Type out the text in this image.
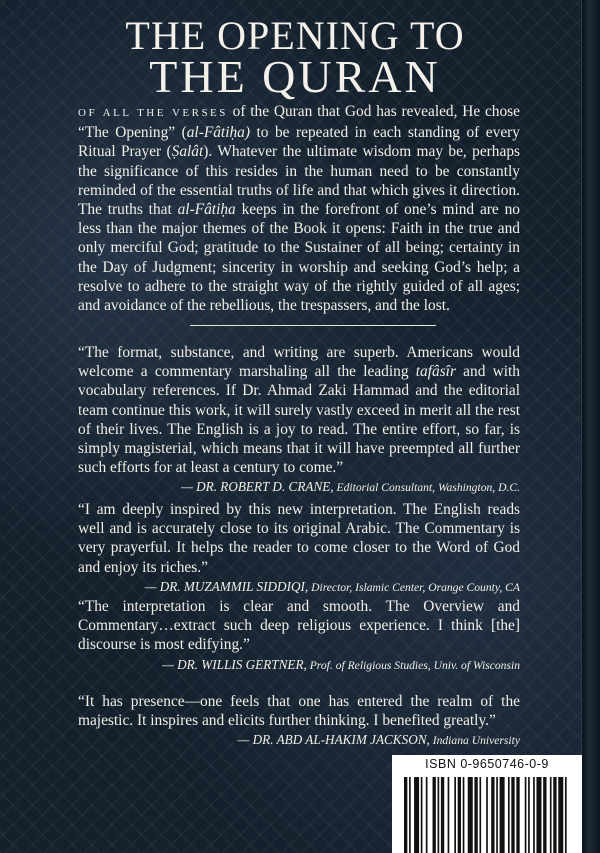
THE OPENING TO
THE QURAN
OF ALL THE VERSES of the Quran that God has revealed, He chose “The Opening” (al-Fâtiḥa) to be repeated in each standing of every Ritual Prayer (Ṣalât). Whatever the ultimate wisdom may be, perhaps the significance of this resides in the human need to be constantly reminded of the essential truths of life and that which gives it direction. The truths that al-Fâtiḥa keeps in the forefront of one’s mind are no less than the major themes of the Book it opens: Faith in the true and only merciful God; gratitude to the Sustainer of all being; certainty in the Day of Judgment; sincerity in worship and seeking God’s help; a resolve to adhere to the straight way of the rightly guided of all ages; and avoidance of the rebellious, the trespassers, and the lost.
“The format, substance, and writing are superb. Americans would welcome a commentary marshaling all the leading tafâsîr and with vocabulary references. If Dr. Ahmad Zaki Hammad and the editorial team continue this work, it will surely vastly exceed in merit all the rest of their lives. The English is a joy to read. The entire effort, so far, is simply magisterial, which means that it will have preempted all further such efforts for at least a century to come.”
— DR. ROBERT D. CRANE, Editorial Consultant, Washington, D.C.
“I am deeply inspired by this new interpretation. The English reads well and is accurately close to its original Arabic. The Commentary is very prayerful. It helps the reader to come closer to the Word of God and enjoy its riches.”
— DR. MUZAMMIL SIDDIQI, Director, Islamic Center, Orange County, CA
“The interpretation is clear and smooth. The Overview and Commentary…extract such deep religious experience. I think [the] discourse is most edifying.”
— DR. WILLIS GERTNER, Prof. of Religious Studies, Univ. of Wisconsin
“It has presence—one feels that one has entered the realm of the majestic. It inspires and elicits further thinking. I benefited greatly.”
— DR. ABD AL-HAKIM JACKSON, Indiana University
ISBN 0-9650746-0-9
